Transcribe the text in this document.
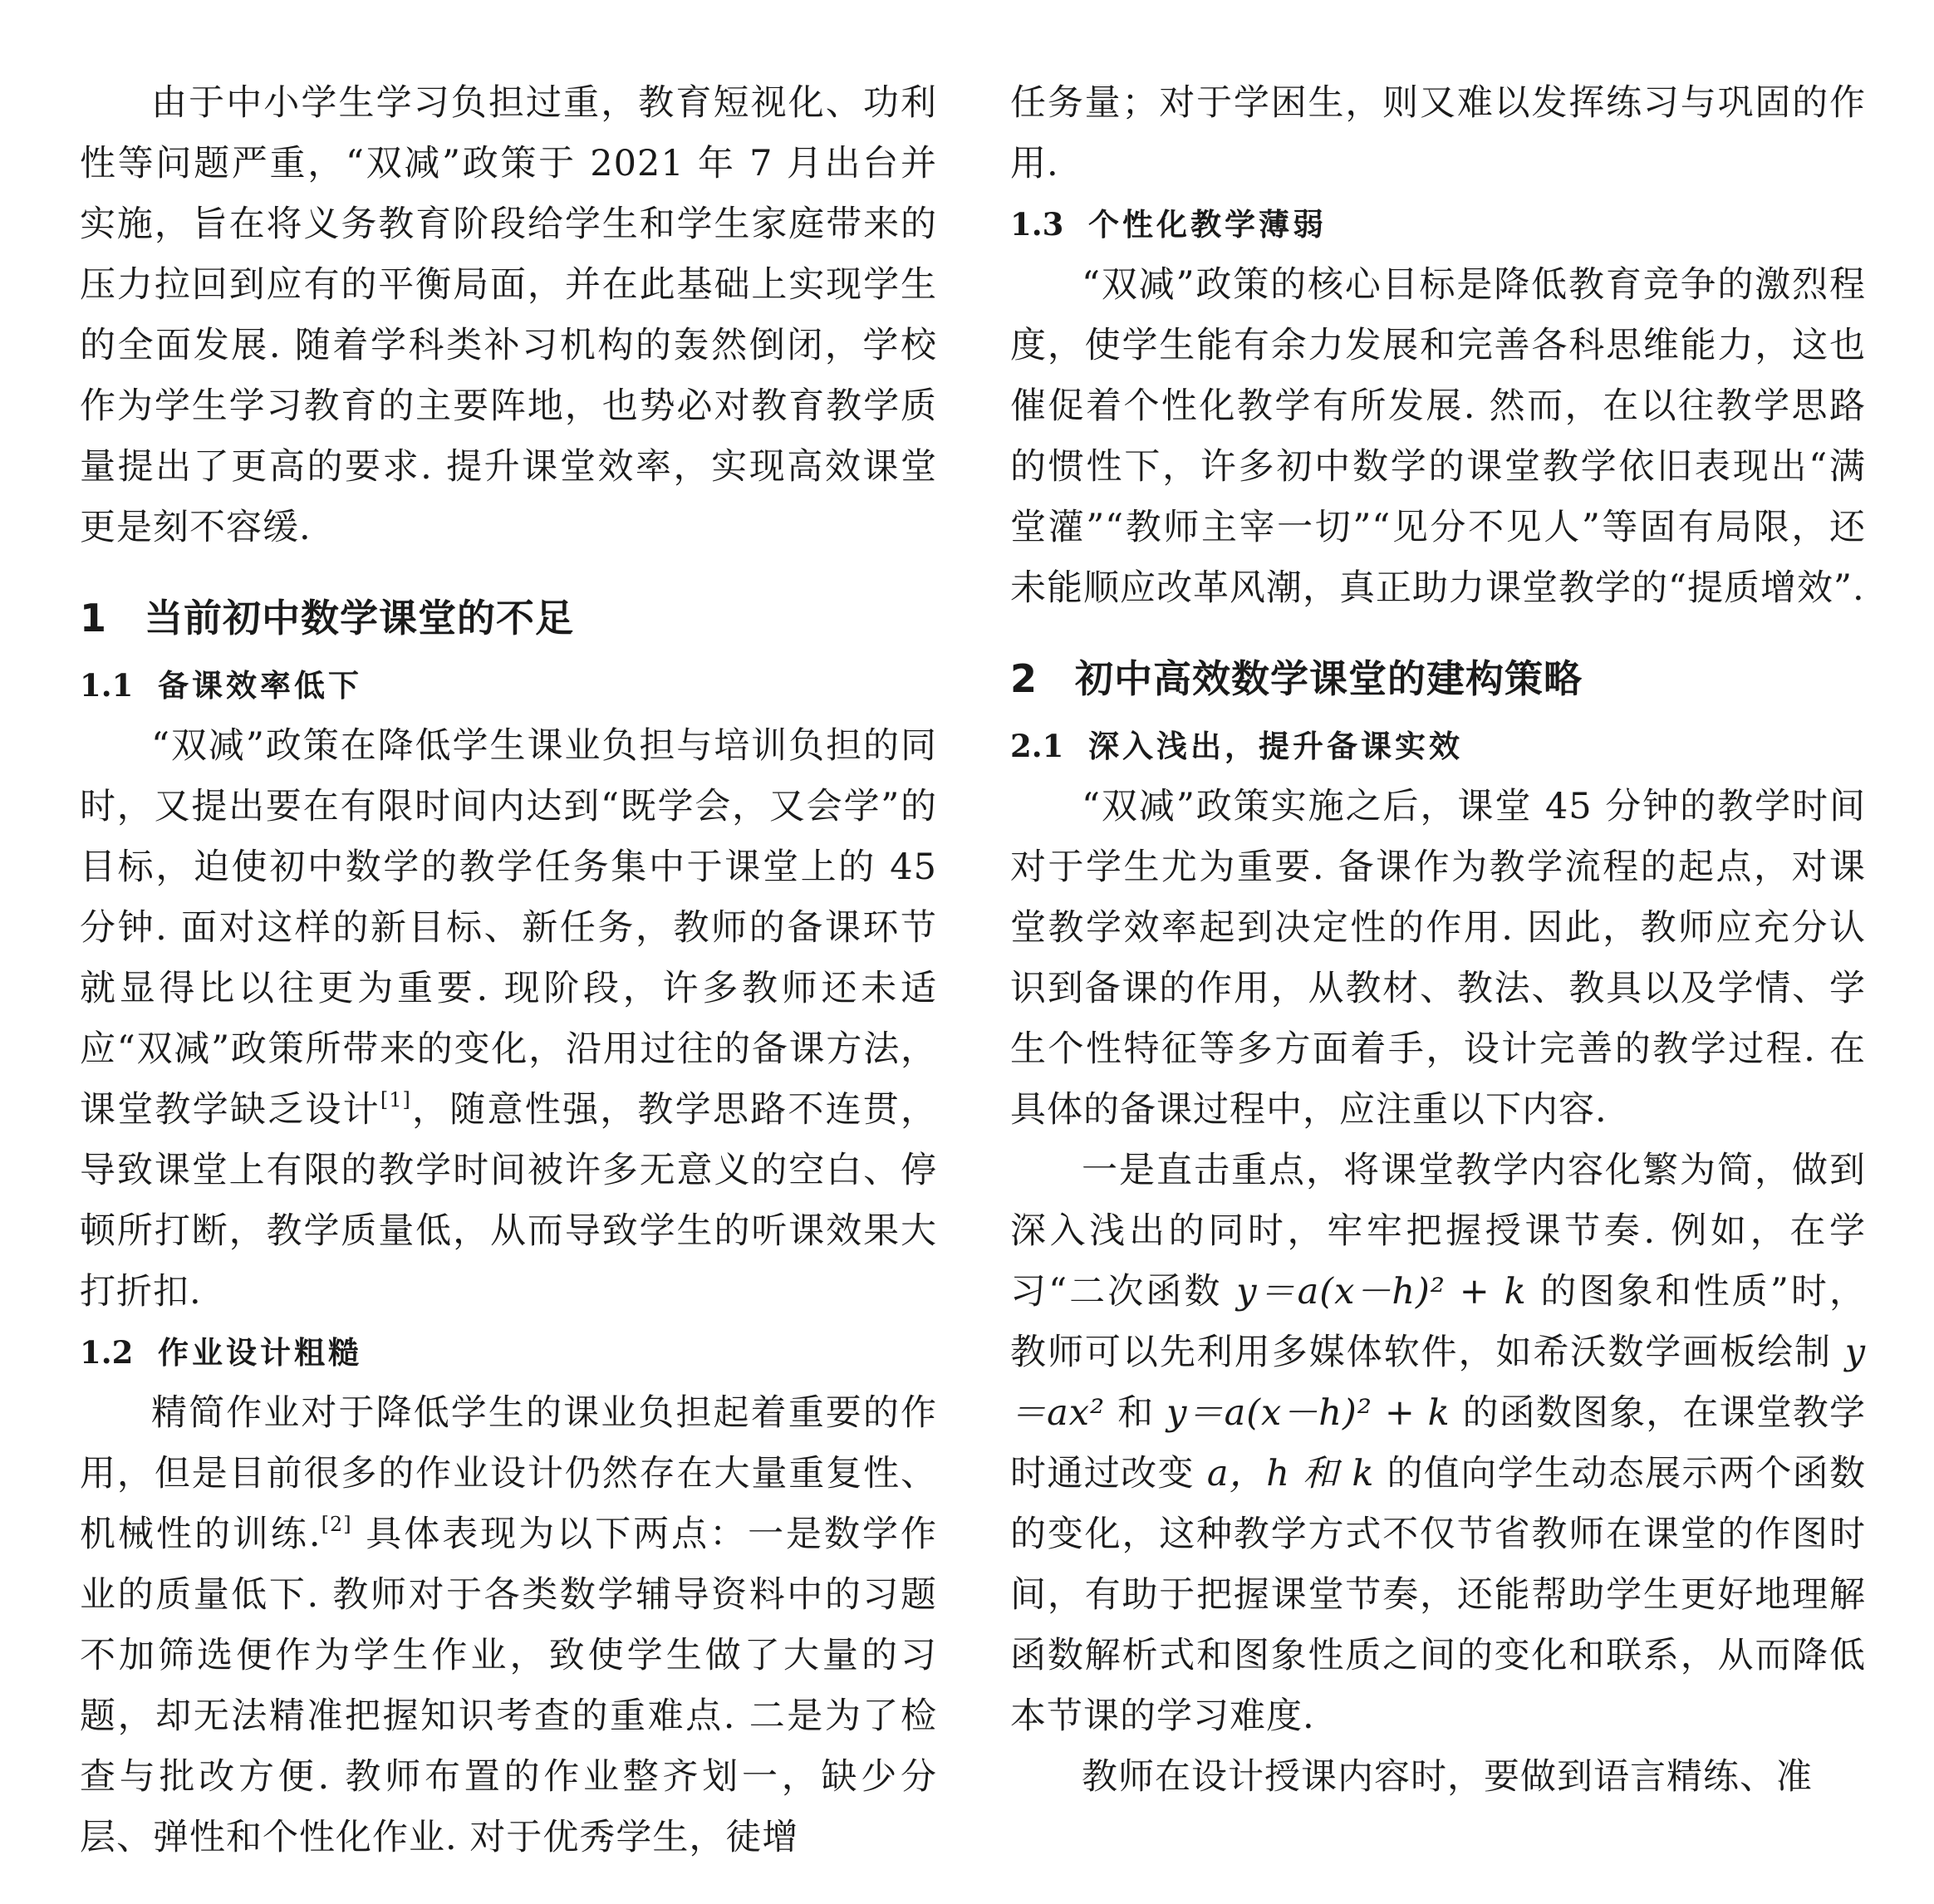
由于中小学生学习负担过重，教育短视化、功利性等问题严重，“双减”政策于 2021 年 7 月出台并实施，旨在将义务教育阶段给学生和学生家庭带来的压力拉回到应有的平衡局面，并在此基础上实现学生的全面发展. 随着学科类补习机构的轰然倒闭，学校作为学生学习教育的主要阵地，也势必对教育教学质量提出了更高的要求. 提升课堂效率，实现高效课堂更是刻不容缓.

1 当前初中数学课堂的不足
1.1 备课效率低下

“双减”政策在降低学生课业负担与培训负担的同时，又提出要在有限时间内达到“既学会，又会学”的目标，迫使初中数学的教学任务集中于课堂上的 45 分钟. 面对这样的新目标、新任务，教师的备课环节就显得比以往更为重要. 现阶段，许多教师还未适应“双减”政策所带来的变化，沿用过往的备课方法，课堂教学缺乏设计[1]，随意性强，教学思路不连贯，导致课堂上有限的教学时间被许多无意义的空白、停顿所打断，教学质量低，从而导致学生的听课效果大打折扣.

1.2 作业设计粗糙

精简作业对于降低学生的课业负担起着重要的作用，但是目前很多的作业设计仍然存在大量重复性、机械性的训练.[2] 具体表现为以下两点：一是数学作业的质量低下. 教师对于各类数学辅导资料中的习题不加筛选便作为学生作业，致使学生做了大量的习题，却无法精准把握知识考查的重难点. 二是为了检查与批改方便. 教师布置的作业整齐划一，缺少分层、弹性和个性化作业. 对于优秀学生，徒增

任务量；对于学困生，则又难以发挥练习与巩固的作用.

1.3 个性化教学薄弱

“双减”政策的核心目标是降低教育竞争的激烈程度，使学生能有余力发展和完善各科思维能力，这也催促着个性化教学有所发展. 然而，在以往教学思路的惯性下，许多初中数学的课堂教学依旧表现出“满堂灌”“教师主宰一切”“见分不见人”等固有局限，还未能顺应改革风潮，真正助力课堂教学的“提质增效”.

2 初中高效数学课堂的建构策略
2.1 深入浅出，提升备课实效

“双减”政策实施之后，课堂 45 分钟的教学时间对于学生尤为重要. 备课作为教学流程的起点，对课堂教学效率起到决定性的作用. 因此，教师应充分认识到备课的作用，从教材、教法、教具以及学情、学生个性特征等多方面着手，设计完善的教学过程. 在具体的备课过程中，应注重以下内容.

一是直击重点，将课堂教学内容化繁为简，做到深入浅出的同时，牢牢把握授课节奏. 例如，在学习“二次函数 y＝a(x－h)² + k 的图象和性质”时，教师可以先利用多媒体软件，如希沃数学画板绘制 y＝ax² 和 y＝a(x－h)² + k 的函数图象，在课堂教学时通过改变 a，h 和 k 的值向学生动态展示两个函数的变化，这种教学方式不仅节省教师在课堂的作图时间，有助于把握课堂节奏，还能帮助学生更好地理解函数解析式和图象性质之间的变化和联系，从而降低本节课的学习难度.

教师在设计授课内容时，要做到语言精练、准
